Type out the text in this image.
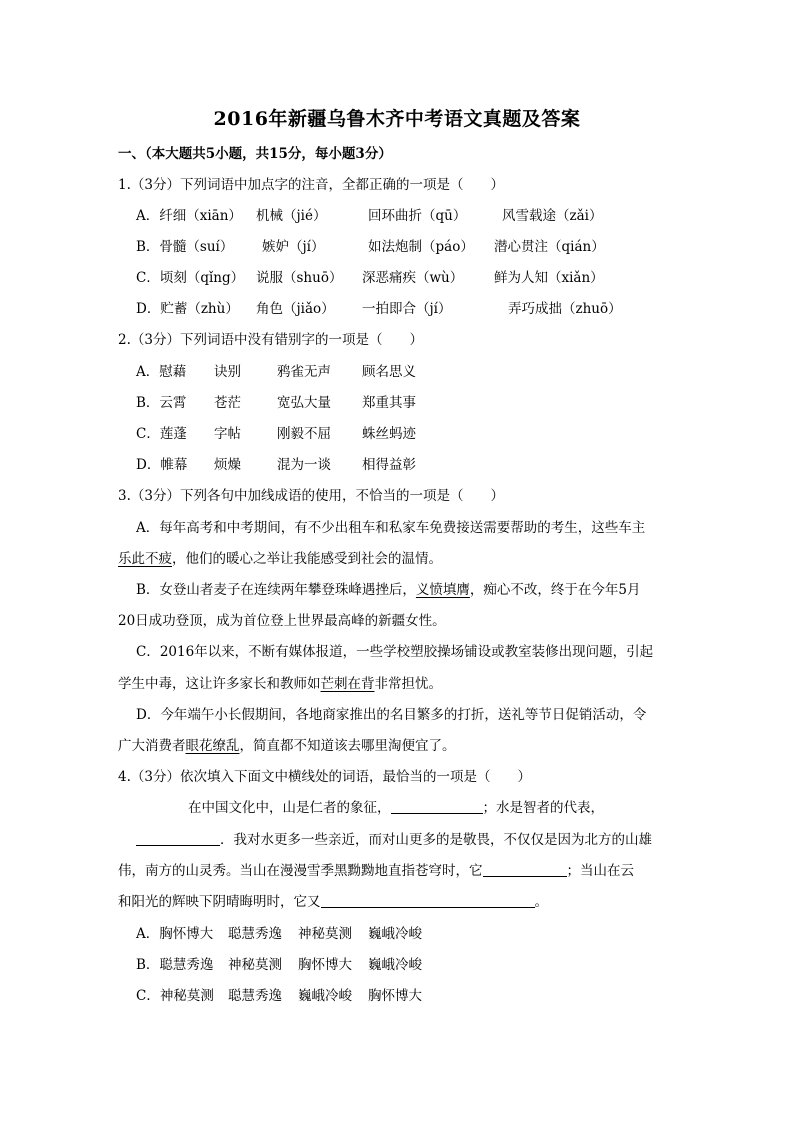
2016年新疆乌鲁木齐中考语文真题及答案
一、（本大题共5小题，共15分，每小题3分）
1.（3分）下列词语中加点字的注音，全都正确的一项是（　　）
A．纤细（xiān） 机械（jié）	回环曲折（qū）	风雪载途（zǎi）
B．骨髓（suí） 嫉妒（jí）	如法炮制（páo） 潜心贯注（qián）
C．顷刻（qǐng） 说服（shuō） 深恶痛疾（wù） 鲜为人知（xiǎn）
D．贮蓄（zhù） 角色（jiǎo） 一拍即合（jí）	弄巧成拙（zhuō）
2.（3分）下列词语中没有错别字的一项是（　　）
A．慰藉 诀别	鸦雀无声 顾名思义
B．云霄 苍茫	宽弘大量 郑重其事
C．莲蓬 字帖	刚毅不屈 蛛丝蚂迹
D．帷幕 烦燥	混为一谈 相得益彰
3.（3分）下列各句中加线成语的使用，不恰当的一项是（　　）
A．每年高考和中考期间，有不少出租车和私家车免费接送需要帮助的考生，这些车主
乐此不疲，他们的暖心之举让我能感受到社会的温情。
B．女登山者麦子在连续两年攀登珠峰遇挫后，义愤填膺，痴心不改，终于在今年5月
20日成功登顶，成为首位登上世界最高峰的新疆女性。
C．2016年以来，不断有媒体报道，一些学校塑胶操场铺设或教室装修出现问题，引起
学生中毒，这让许多家长和教师如芒刺在背非常担忧。
D．今年端午小长假期间，各地商家推出的名目繁多的打折，送礼等节日促销活动，令
广大消费者眼花缭乱，简直都不知道该去哪里淘便宜了。
4.（3分）依次填入下面文中横线处的词语，最恰当的一项是（　　）
在中国文化中，山是仁者的象征，	；水是智者的代表，
．我对水更多一些亲近，而对山更多的是敬畏，不仅仅是因为北方的山雄
伟，南方的山灵秀。当山在漫漫雪季黑黝黝地直指苍穹时，它	；当山在云
和阳光的辉映下阴晴晦明时，它又	。
A．胸怀博大 聪慧秀逸 神秘莫测 巍峨冷峻
B．聪慧秀逸 神秘莫测 胸怀博大 巍峨冷峻
C．神秘莫测 聪慧秀逸 巍峨冷峻 胸怀博大
